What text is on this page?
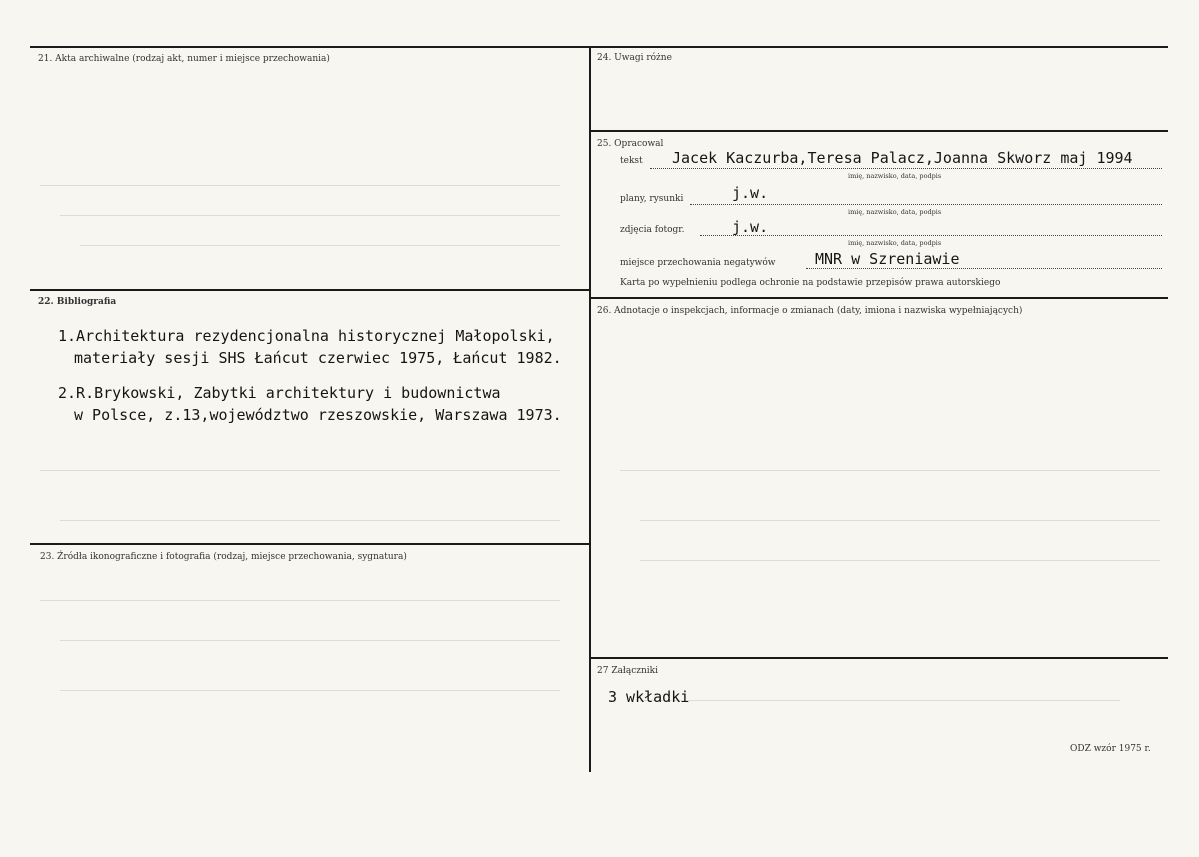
21. Akta archiwalne (rodzaj akt, numer i miejsce przechowania)
22. Bibliografia
1.Architektura rezydencjonalna historycznej Małopolski,
materiały sesji SHS Łańcut czerwiec 1975, Łańcut 1982.
2.R.Brykowski, Zabytki architektury i budownictwa
w Polsce, z.13,województwo rzeszowskie, Warszawa 1973.
23. Źródła ikonograficzne i fotografia (rodzaj, miejsce przechowania, sygnatura)
24. Uwagi różne
25. Opracowal
tekst Jacek Kaczurba,Teresa Palacz,Joanna Skworz maj 1994
imię, nazwisko, data, podpis
plany, rysunki	j.w.
imię, nazwisko, data, podpis
zdjęcia fotogr.	j.w.
imię, nazwisko, data, podpis
miejsce przechowania negatywów	MNR w Szreniawie
Karta po wypełnieniu podlega ochronie na podstawie przepisów prawa autorskiego
26. Adnotacje o inspekcjach, informacje o zmianach (daty, imiona i nazwiska wypełniających)
27 Załączniki
3 wkładki
ODZ wzór 1975 r.
